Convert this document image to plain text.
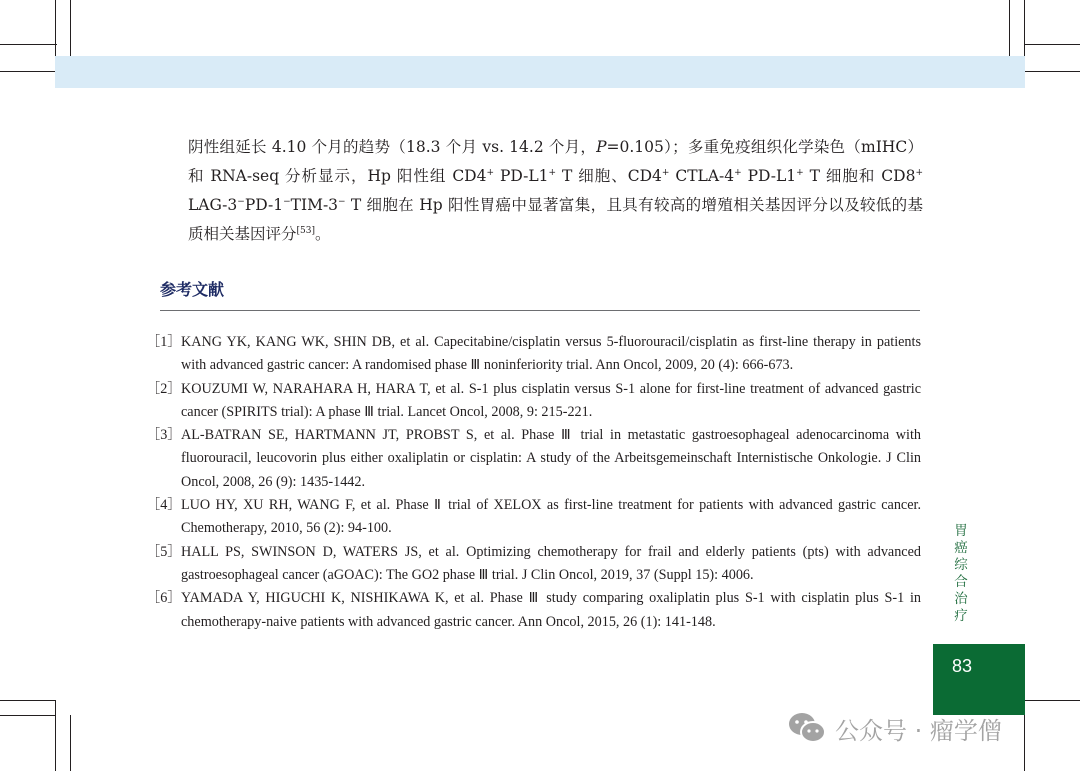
阴性组延长 4.10 个月的趋势（18.3 个月 vs. 14.2 个月，P=0.105）；多重免疫组织化学染色（mIHC）和 RNA-seq 分析显示，Hp 阳性组 CD4+ PD-L1+ T 细胞、CD4+ CTLA-4+ PD-L1+ T 细胞和 CD8+ LAG-3−PD-1−TIM-3− T 细胞在 Hp 阳性胃癌中显著富集，且具有较高的增殖相关基因评分以及较低的基质相关基因评分[53]。

参考文献
［1］ KANG YK, KANG WK, SHIN DB, et al. Capecitabine/cisplatin versus 5-fluorouracil/cisplatin as first-line therapy in patients with advanced gastric cancer: A randomised phase Ⅲ noninferiority trial. Ann Oncol, 2009, 20 (4): 666-673.
［2］ KOUZUMI W, NARAHARA H, HARA T, et al. S-1 plus cisplatin versus S-1 alone for first-line treatment of advanced gastric cancer (SPIRITS trial): A phase Ⅲ trial. Lancet Oncol, 2008, 9: 215-221.
［3］ AL-BATRAN SE, HARTMANN JT, PROBST S, et al. Phase Ⅲ trial in metastatic gastroesophageal adenocarcinoma with fluorouracil, leucovorin plus either oxaliplatin or cisplatin: A study of the Arbeitsgemeinschaft Internistische Onkologie. J Clin Oncol, 2008, 26 (9): 1435-1442.
［4］ LUO HY, XU RH, WANG F, et al. Phase Ⅱ trial of XELOX as first-line treatment for patients with advanced gastric cancer. Chemotherapy, 2010, 56 (2): 94-100.
［5］ HALL PS, SWINSON D, WATERS JS, et al. Optimizing chemotherapy for frail and elderly patients (pts) with advanced gastroesophageal cancer (aGOAC): The GO2 phase Ⅲ trial. J Clin Oncol, 2019, 37 (Suppl 15): 4006.
［6］ YAMADA Y, HIGUCHI K, NISHIKAWA K, et al. Phase Ⅲ study comparing oxaliplatin plus S-1 with cisplatin plus S-1 in chemotherapy-naive patients with advanced gastric cancer. Ann Oncol, 2015, 26 (1): 141-148.
胃癌综合治疗
83
公众号 · 瘤学僧
